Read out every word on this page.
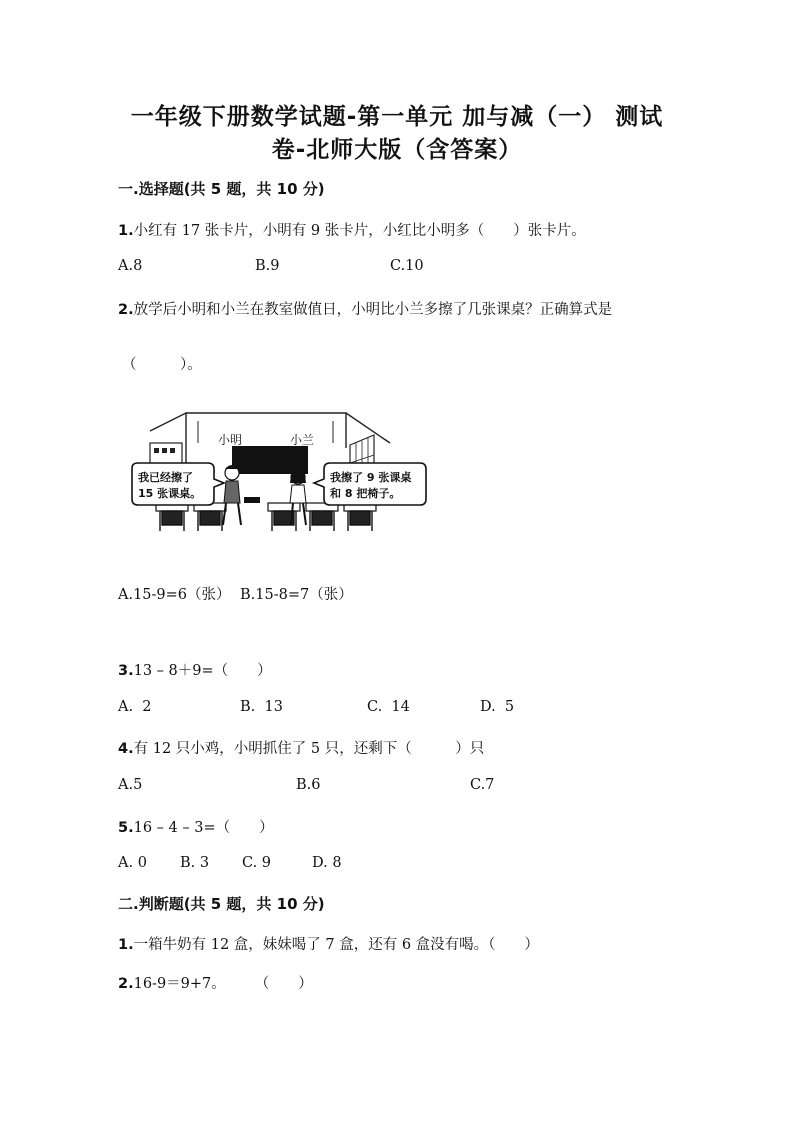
一年级下册数学试题-第一单元 加与减（一） 测试
卷-北师大版（含答案）
一.选择题(共 5 题，共 10 分)
1.小红有 17 张卡片，小明有 9 张卡片，小红比小明多（　　）张卡片。
A.8	B.9	C.10
2.放学后小明和小兰在教室做值日，小明比小兰多擦了几张课桌？正确算式是
（　　　）。
小明	小兰
我已经擦了
15 张课桌。
我擦了 9 张课桌
和 8 把椅子。
A.15-9=6（张） B.15-8=7（张）
3.13 – 8＋9=（　　）
A.  2	B.  13	C.  14	D.  5
4.有 12 只小鸡，小明抓住了 5 只，还剩下（　　　）只
A.5	B.6	C.7
5.16 – 4 – 3=（　　）
A. 0 B. 3 C. 9	D. 8
二.判断题(共 5 题，共 10 分)
1.一箱牛奶有 12 盒，妹妹喝了 7 盒，还有 6 盒没有喝。（　　）
2.16-9＝9+7。　　　（　　）
